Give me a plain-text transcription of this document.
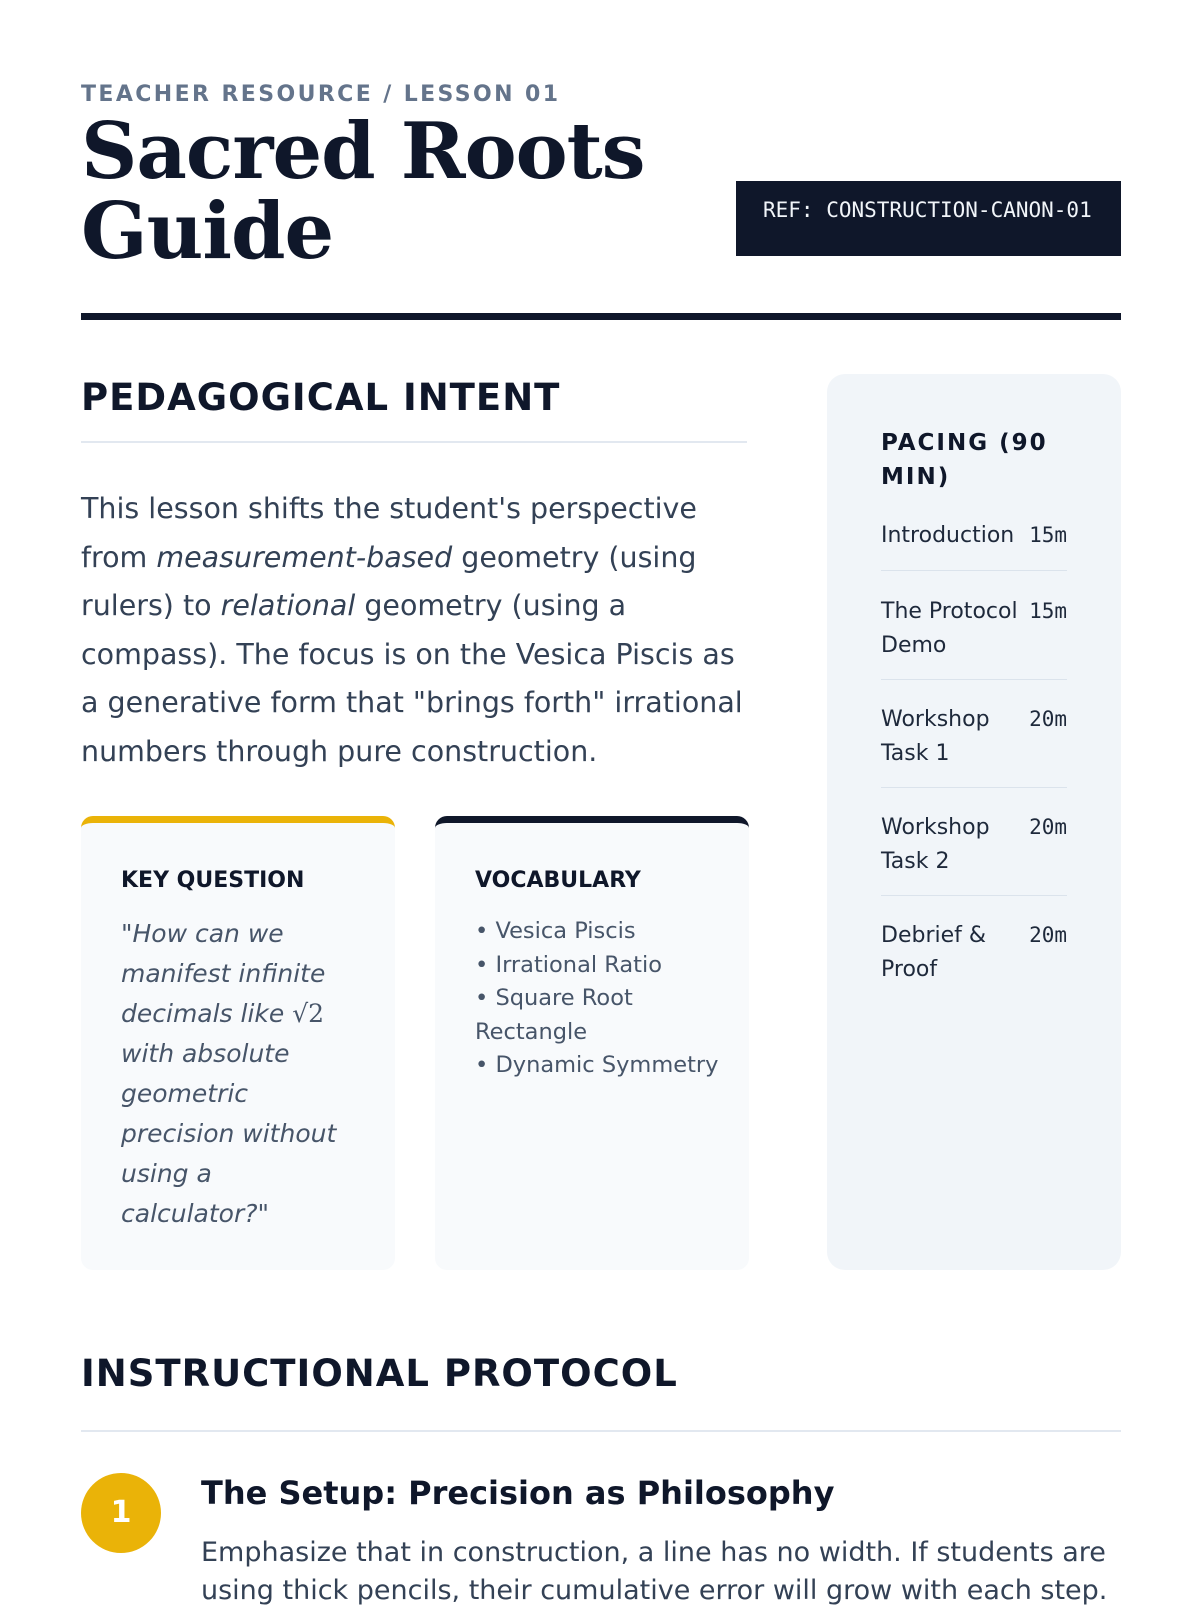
TEACHER RESOURCE / LESSON 01
Sacred Roots
Guide	REF: CONSTRUCTION-CANON-01
PEDAGOGICAL INTENT

This lesson shifts the student's perspective from measurement-based geometry (using rulers) to relational geometry (using a compass). The focus is on the Vesica Piscis as a generative form that "brings forth" irrational numbers through pure construction.

KEY QUESTION

"How can we manifest infinite decimals like √2 with absolute geometric precision without using a calculator?"

VOCABULARY
• Vesica Piscis
• Irrational Ratio
• Square Root Rectangle
• Dynamic Symmetry
PACING (90 MIN)
Introduction 15m
The Protocol Demo
15m
Workshop Task 1
20m
Workshop Task 2
20m
Debrief & Proof
20m
INSTRUCTIONAL PROTOCOL
1
The Setup: Precision as Philosophy

Emphasize that in construction, a line has no width. If students are using thick pencils, their cumulative error will grow with each step.
